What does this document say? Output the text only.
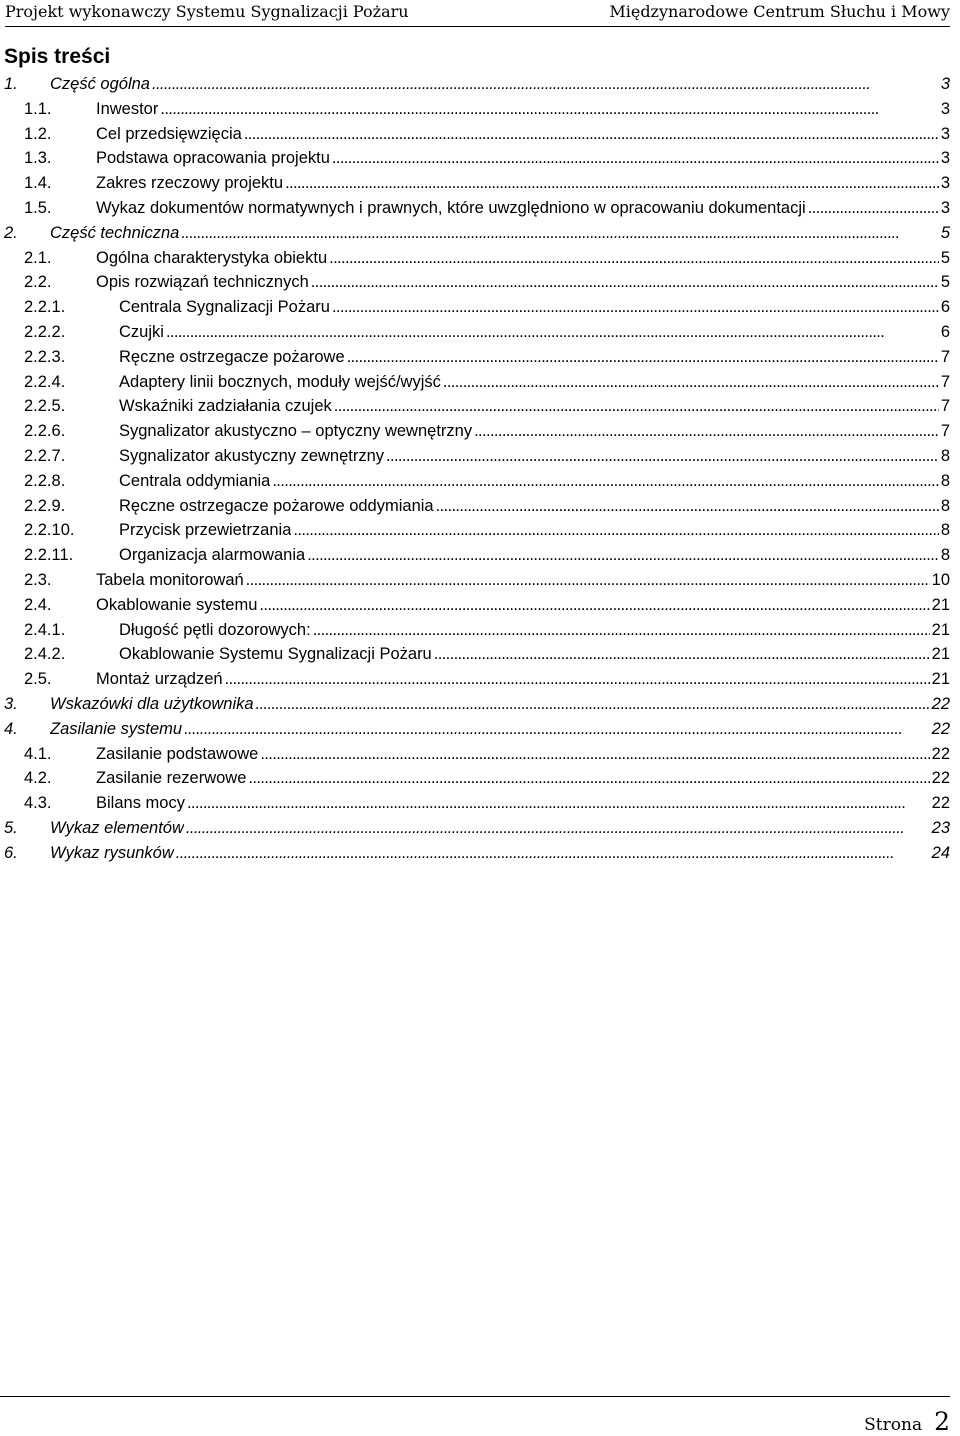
Projekt wykonawczy Systemu Sygnalizacji Pożaru	Międzynarodowe Centrum Słuchu i Mowy
Spis treści
1.	Część ogólna . . .	3
1.1.	Inwestor . . .	3
1.2.	Cel przedsięwzięcia . . .	3
1.3.	Podstawa opracowania projektu . . .	3
1.4.	Zakres rzeczowy projektu . . .	3
1.5.	Wykaz dokumentów normatywnych i prawnych, które uwzględniono w opracowaniu dokumentacji . . .	3
2.	Część techniczna . . .	5
2.1.	Ogólna charakterystyka obiektu . . .	5
2.2.	Opis rozwiązań technicznych . . .	5
2.2.1.	Centrala Sygnalizacji Pożaru . . .	6
2.2.2.	Czujki . . .	6
2.2.3.	Ręczne ostrzegacze pożarowe . . .	7
2.2.4.	Adaptery linii bocznych, moduły wejść/wyjść . . .	7
2.2.5.	Wskaźniki zadziałania czujek . . .	7
2.2.6.	Sygnalizator akustyczno – optyczny wewnętrzny . . .	7
2.2.7.	Sygnalizator akustyczny zewnętrzny . . .	8
2.2.8.	Centrala oddymiania . . .	8
2.2.9.	Ręczne ostrzegacze pożarowe oddymiania . . .	8
2.2.10.	Przycisk przewietrzania . . .	8
2.2.11.	Organizacja alarmowania . . .	8
2.3.	Tabela monitorowań . . .	10
2.4.	Okablowanie systemu . . .	21
2.4.1.	Długość pętli dozorowych: . . .	21
2.4.2.	Okablowanie Systemu Sygnalizacji Pożaru . . .	21
2.5.	Montaż urządzeń . . .	21
3.	Wskazówki dla użytkownika . . .	22
4.	Zasilanie systemu . . .	22
4.1.	Zasilanie podstawowe . . .	22
4.2.	Zasilanie rezerwowe . . .	22
4.3.	Bilans mocy . . .	22
5.	Wykaz elementów . . .	23
6.	Wykaz rysunków . . .	24
Strona 2
